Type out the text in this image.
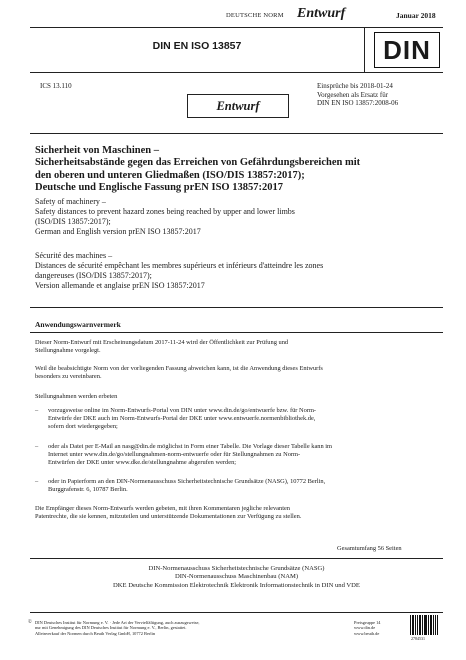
DEUTSCHE NORM Entwurf	Januar 2018
DIN EN ISO 13857	DIN
ICS 13.110	Einsprüche bis 2018-01-24
Vorgesehen als Ersatz für
DIN EN ISO 13857:2008-06
Entwurf
Sicherheit von Maschinen –
Sicherheitsabstände gegen das Erreichen von Gefährdungsbereichen mit
den oberen und unteren Gliedmaßen (ISO/DIS 13857:2017);
Deutsche und Englische Fassung prEN ISO 13857:2017
Safety of machinery –
Safety distances to prevent hazard zones being reached by upper and lower limbs
(ISO/DIS 13857:2017);
German and English version prEN ISO 13857:2017
Sécurité des machines –
Distances de sécurité empêchant les membres supérieurs et inférieurs d'atteindre les zones
dangereuses (ISO/DIS 13857:2017);
Version allemande et anglaise prEN ISO 13857:2017
Anwendungswarnvermerk
Dieser Norm-Entwurf mit Erscheinungsdatum 2017-11-24 wird der Öffentlichkeit zur Prüfung und
Stellungnahme vorgelegt.
Weil die beabsichtigte Norm von der vorliegenden Fassung abweichen kann, ist die Anwendung dieses Entwurfs
besonders zu vereinbaren.
Stellungnahmen werden erbeten
– vorzugsweise online im Norm-Entwurfs-Portal von DIN unter www.din.de/go/entwuerfe bzw. für Norm-
Entwürfe der DKE auch im Norm-Entwurfs-Portal der DKE unter www.entwuerfe.normenbibliothek.de,
sofern dort wiedergegeben;
– oder als Datei per E-Mail an nasg@din.de möglichst in Form einer Tabelle. Die Vorlage dieser Tabelle kann im
Internet unter www.din.de/go/stellungnahmen-norm-entwuerfe oder für Stellungnahmen zu Norm-
Entwürfen der DKE unter www.dke.de/stellungnahme abgerufen werden;
– oder in Papierform an den DIN-Normenausschuss Sicherheitstechnische Grundsätze (NASG), 10772 Berlin,
Burggrafenstr. 6, 10787 Berlin.
Die Empfänger dieses Norm-Entwurfs werden gebeten, mit ihren Kommentaren jegliche relevanten
Patentrechte, die sie kennen, mitzuteilen und unterstützende Dokumentationen zur Verfügung zu stellen.
Gesamtumfang 56 Seiten
DIN-Normenausschuss Sicherheitstechnische Grundsätze (NASG)
DIN-Normenausschuss Maschinenbau (NAM)
DKE Deutsche Kommission Elektrotechnik Elektronik Informationstechnik in DIN und VDE
© DIN Deutsches Institut für Normung e. V. · Jede Art der Vervielfältigung, auch auszugsweise,
nur mit Genehmigung des DIN Deutsches Institut für Normung e. V., Berlin, gestattet.
Alleinverkauf der Normen durch Beuth Verlag GmbH, 10772 Berlin
Preisgruppe 14
www.din.de
www.beuth.de
2784531
